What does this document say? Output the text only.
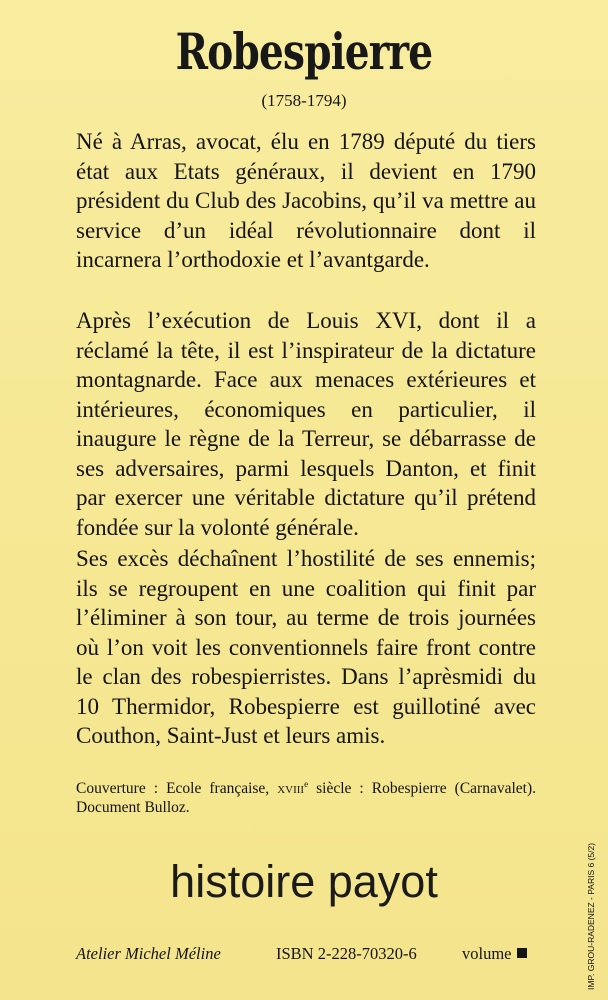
Robespierre
(1758-1794)

Né à Arras, avocat, élu en 1789 député du tiers état aux Etats généraux, il devient en 1790 président du Club des Jacobins, qu’il va mettre au service d’un idéal révolutionnaire dont il incarnera l’orthodoxie et l’avantgarde.

Après l’exécution de Louis XVI, dont il a réclamé la tête, il est l’inspirateur de la dictature montagnarde. Face aux menaces extérieures et intérieures, économiques en particulier, il inaugure le règne de la Terreur, se débarrasse de ses adversaires, parmi lesquels Danton, et finit par exercer une véritable dictature qu’il prétend fondée sur la volonté générale.

Ses excès déchaînent l’hostilité de ses ennemis; ils se regroupent en une coalition qui finit par l’éliminer à son tour, au terme de trois journées où l’on voit les conventionnels faire front contre le clan des robespierristes. Dans l’aprèsmidi du 10 Thermidor, Robespierre est guillotiné avec Couthon, Saint-Just et leurs amis.

Couverture : Ecole française, xviii$^e$ siècle : Robespierre (Carnavalet). Document Bulloz.

histoire payot	IMP. GROU-RADENEZ - PARIS 6 (5/2)
Atelier Michel Méline	ISBN 2-228-70320-6	volume
